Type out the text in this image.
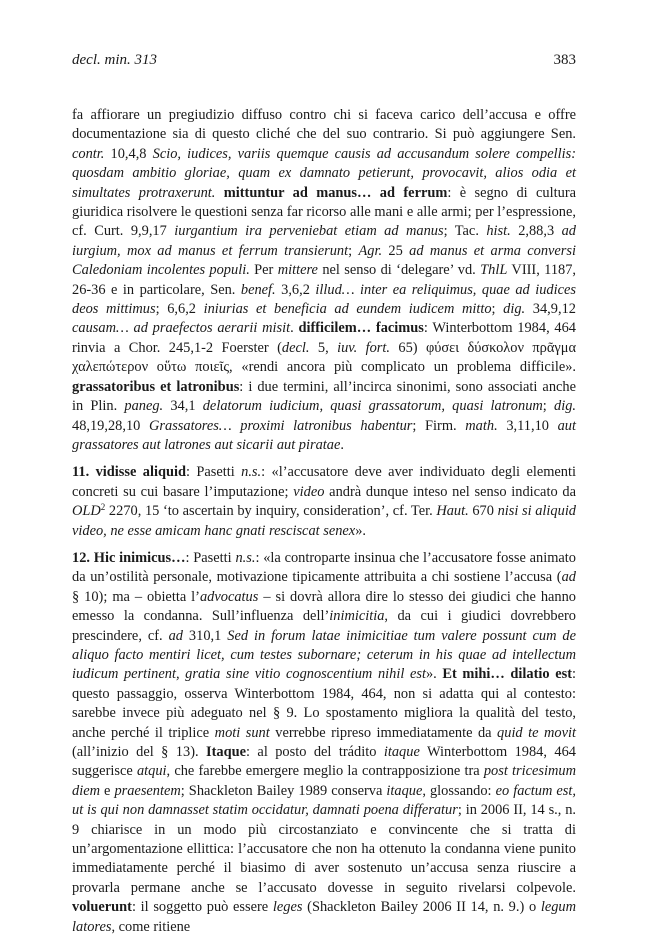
decl. min. 313	383

fa affiorare un pregiudizio diffuso contro chi si faceva carico dell’accusa e offre documentazione sia di questo cliché che del suo contrario. Si può aggiungere Sen. contr. 10,4,8 Scio, iudices, variis quemque causis ad accusandum solere compellis: quosdam ambitio gloriae, quam ex damnato petierunt, provocavit, alios odia et simultates protraxerunt. mittuntur ad manus… ad ferrum: è segno di cultura giuridica risolvere le questioni senza far ricorso alle mani e alle armi; per l’espressione, cf. Curt. 9,9,17 iurgantium ira perveniebat etiam ad manus; Tac. hist. 2,88,3 ad iurgium, mox ad manus et ferrum transierunt; Agr. 25 ad manus et arma conversi Caledoniam incolentes populi. Per mittere nel senso di ‘delegare’ vd. ThlL VIII, 1187, 26-36 e in particolare, Sen. benef. 3,6,2 illud… inter ea reliquimus, quae ad iudices deos mittimus; 6,6,2 iniurias et beneficia ad eundem iudicem mitto; dig. 34,9,12 causam… ad praefectos aerarii misit. difficilem… facimus: Winterbottom 1984, 464 rinvia a Chor. 245,1-2 Foerster (decl. 5, iuv. fort. 65) φύσει δύσκολον πρᾶγμα χαλεπώτερον οὕτω ποιεῖς, «rendi ancora più complicato un problema difficile». grassatoribus et latronibus: i due termini, all’incirca sinonimi, sono associati anche in Plin. paneg. 34,1 delatorum iudicium, quasi grassatorum, quasi latronum; dig. 48,19,28,10 Grassatores… proximi latronibus habentur; Firm. math. 3,11,10 aut grassatores aut latrones aut sicarii aut piratae.

11. vidisse aliquid: Pasetti n.s.: «l’accusatore deve aver individuato degli elementi concreti su cui basare l’imputazione; video andrà dunque inteso nel senso indicato da OLD$^2$ 2270, 15 ‘to ascertain by inquiry, consideration’, cf. Ter. Haut. 670 nisi si aliquid video, ne esse amicam hanc gnati resciscat senex».

12. Hic inimicus…: Pasetti n.s.: «la controparte insinua che l’accusatore fosse animato da un’ostilità personale, motivazione tipicamente attribuita a chi sostiene l’accusa (ad § 10); ma – obietta l’advocatus – si dovrà allora dire lo stesso dei giudici che hanno emesso la condanna. Sull’influenza dell’inimicitia, da cui i giudici dovrebbero prescindere, cf. ad 310,1 Sed in forum latae inimicitiae tum valere possunt cum de aliquo facto mentiri licet, cum testes subornare; ceterum in his quae ad intellectum iudicum pertinent, gratia sine vitio cognoscentium nihil est». Et mihi… dilatio est: questo passaggio, osserva Winterbottom 1984, 464, non si adatta qui al contesto: sarebbe invece più adeguato nel § 9. Lo spostamento migliora la qualità del testo, anche perché il triplice moti sunt verrebbe ripreso immediatamente da quid te movit (all’inizio del § 13). Itaque: al posto del trádito itaque Winterbottom 1984, 464 suggerisce atqui, che farebbe emergere meglio la contrapposizione tra post tricesimum diem e praesentem; Shackleton Bailey 1989 conserva itaque, glossando: eo factum est, ut is qui non damnasset statim occidatur, damnati poena differatur; in 2006 II, 14 s., n. 9 chiarisce in un modo più circostanziato e convincente che si tratta di un’argomentazione ellittica: l’accusatore che non ha ottenuto la condanna viene punito immediatamente perché il biasimo di aver sostenuto un’accusa senza riuscire a provarla permane anche se l’accusato dovesse in seguito rivelarsi colpevole. voluerunt: il soggetto può essere leges (Shackleton Bailey 2006 II 14, n. 9.) o legum latores, come ritiene
